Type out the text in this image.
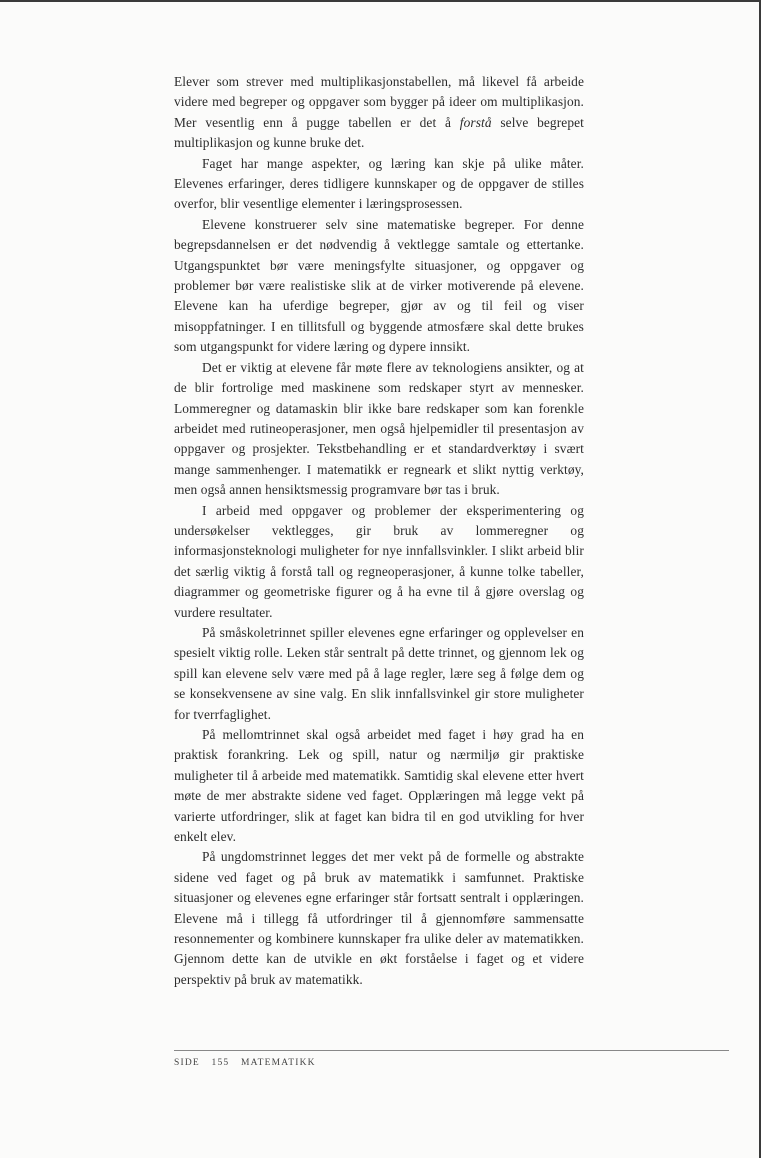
Elever som strever med multiplikasjonstabellen, må likevel få arbeide videre med begreper og oppgaver som bygger på ideer om multiplikasjon. Mer vesentlig enn å pugge tabellen er det å forstå selve begrepet multiplikasjon og kunne bruke det.

Faget har mange aspekter, og læring kan skje på ulike måter. Elevenes erfaringer, deres tidligere kunnskaper og de oppgaver de stilles overfor, blir vesentlige elementer i læringsprosessen.

Elevene konstruerer selv sine matematiske begreper. For denne begrepsdannelsen er det nødvendig å vektlegge samtale og ettertanke. Utgangspunktet bør være meningsfylte situasjoner, og oppgaver og problemer bør være realistiske slik at de virker motiverende på elevene. Elevene kan ha uferdige begreper, gjør av og til feil og viser misoppfatninger. I en tillitsfull og byggende atmosfære skal dette brukes som utgangspunkt for videre læring og dypere innsikt.

Det er viktig at elevene får møte flere av teknologiens ansikter, og at de blir fortrolige med maskinene som redskaper styrt av mennesker. Lommeregner og datamaskin blir ikke bare redskaper som kan forenkle arbeidet med rutineoperasjoner, men også hjelpemidler til presentasjon av oppgaver og prosjekter. Tekstbehandling er et standardverktøy i svært mange sammenhenger. I matematikk er regneark et slikt nyttig verktøy, men også annen hensiktsmessig programvare bør tas i bruk.

I arbeid med oppgaver og problemer der eksperimentering og undersøkelser vektlegges, gir bruk av lommeregner og informasjonsteknologi muligheter for nye innfallsvinkler. I slikt arbeid blir det særlig viktig å forstå tall og regneoperasjoner, å kunne tolke tabeller, diagrammer og geometriske figurer og å ha evne til å gjøre overslag og vurdere resultater.

På småskoletrinnet spiller elevenes egne erfaringer og opplevelser en spesielt viktig rolle. Leken står sentralt på dette trinnet, og gjennom lek og spill kan elevene selv være med på å lage regler, lære seg å følge dem og se konsekvensene av sine valg. En slik innfallsvinkel gir store muligheter for tverrfaglighet.

På mellomtrinnet skal også arbeidet med faget i høy grad ha en praktisk forankring. Lek og spill, natur og nærmiljø gir praktiske muligheter til å arbeide med matematikk. Samtidig skal elevene etter hvert møte de mer abstrakte sidene ved faget. Opplæringen må legge vekt på varierte utfordringer, slik at faget kan bidra til en god utvikling for hver enkelt elev.

På ungdomstrinnet legges det mer vekt på de formelle og abstrakte sidene ved faget og på bruk av matematikk i samfunnet. Praktiske situasjoner og elevenes egne erfaringer står fortsatt sentralt i opplæringen. Elevene må i tillegg få utfordringer til å gjennomføre sammensatte resonnementer og kombinere kunnskaper fra ulike deler av matematikken. Gjennom dette kan de utvikle en økt forståelse i faget og et videre perspektiv på bruk av matematikk.

SIDE 155 MATEMATIKK
